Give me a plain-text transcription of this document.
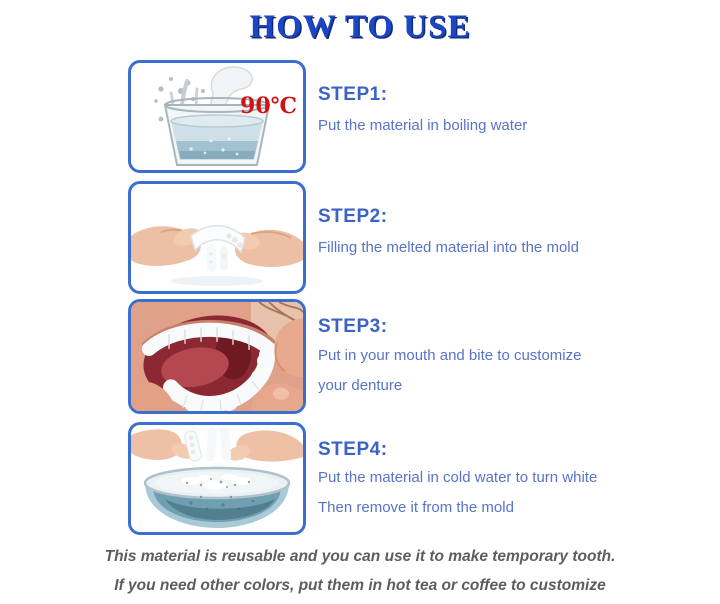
HOW TO USE
90℃ STEP1:
Put the material in boiling water
STEP2:
Filling the melted material into the mold
STEP3:
Put in your mouth and bite to customize
your denture
STEP4:
Put the material in cold water to turn white
Then remove it from the mold
This material is reusable and you can use it to make temporary tooth.
If you need other colors, put them in hot tea or coffee to customize
